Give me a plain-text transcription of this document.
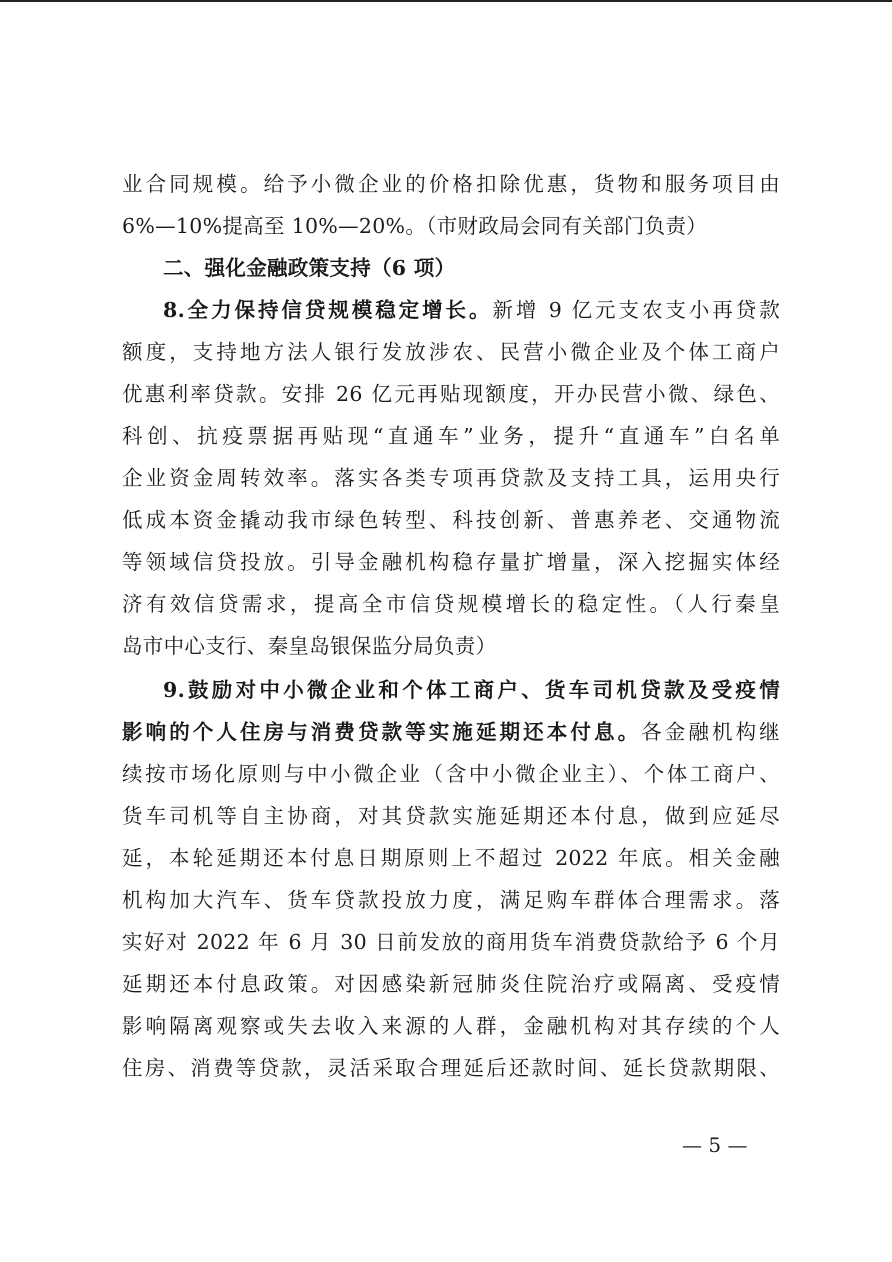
业合同规模。给予小微企业的价格扣除优惠，货物和服务项目由
6%—10%提高至 10%—20%。（市财政局会同有关部门负责）
二、强化金融政策支持（6 项）
8.全力保持信贷规模稳定增长。新增 9 亿元支农支小再贷款
额度，支持地方法人银行发放涉农、民营小微企业及个体工商户
优惠利率贷款。安排 26 亿元再贴现额度，开办民营小微、绿色、
科创、抗疫票据再贴现“直通车”业务，提升“直通车”白名单
企业资金周转效率。落实各类专项再贷款及支持工具，运用央行
低成本资金撬动我市绿色转型、科技创新、普惠养老、交通物流
等领域信贷投放。引导金融机构稳存量扩增量，深入挖掘实体经
济有效信贷需求，提高全市信贷规模增长的稳定性。（人行秦皇
岛市中心支行、秦皇岛银保监分局负责）
9.鼓励对中小微企业和个体工商户、货车司机贷款及受疫情
影响的个人住房与消费贷款等实施延期还本付息。各金融机构继
续按市场化原则与中小微企业（含中小微企业主）、个体工商户、
货车司机等自主协商，对其贷款实施延期还本付息，做到应延尽
延，本轮延期还本付息日期原则上不超过 2022 年底。相关金融
机构加大汽车、货车贷款投放力度，满足购车群体合理需求。落
实好对 2022 年 6 月 30 日前发放的商用货车消费贷款给予 6 个月
延期还本付息政策。对因感染新冠肺炎住院治疗或隔离、受疫情
影响隔离观察或失去收入来源的人群，金融机构对其存续的个人
住房、消费等贷款，灵活采取合理延后还款时间、延长贷款期限、
— 5 —
